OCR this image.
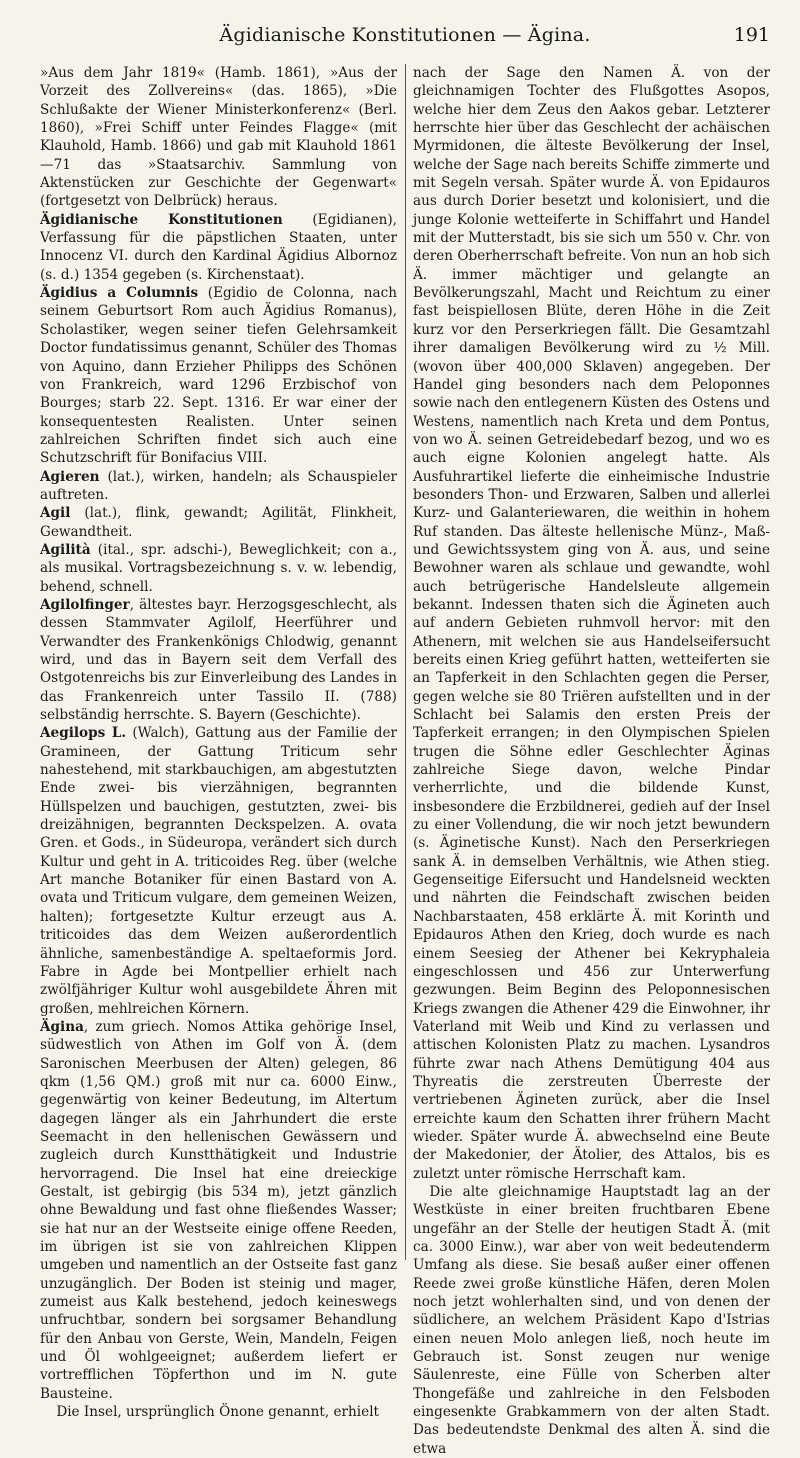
Ägidianische Konstitutionen — Ägina.	191

»Aus dem Jahr 1819« (Hamb. 1861), »Aus der Vorzeit des Zollvereins« (das. 1865), »Die Schlußakte der Wiener Ministerkonferenz« (Berl. 1860), »Frei Schiff unter Feindes Flagge« (mit Klauhold, Hamb. 1866) und gab mit Klauhold 1861—71 das »Staatsarchiv. Sammlung von Aktenstücken zur Geschichte der Gegenwart« (fortgesetzt von Delbrück) heraus.

Ägidianische Konstitutionen (Egidianen), Verfassung für die päpstlichen Staaten, unter Innocenz VI. durch den Kardinal Ägidius Albornoz (s. d.) 1354 gegeben (s. Kirchenstaat).

Ägidius a Columnis (Egidio de Colonna, nach seinem Geburtsort Rom auch Ägidius Romanus), Scholastiker, wegen seiner tiefen Gelehrsamkeit Doctor fundatissimus genannt, Schüler des Thomas von Aquino, dann Erzieher Philipps des Schönen von Frankreich, ward 1296 Erzbischof von Bourges; starb 22. Sept. 1316. Er war einer der konsequentesten Realisten. Unter seinen zahlreichen Schriften findet sich auch eine Schutzschrift für Bonifacius VIII.

Agieren (lat.), wirken, handeln; als Schauspieler auftreten.

Agil (lat.), flink, gewandt; Agilität, Flinkheit, Gewandtheit.

Agilità (ital., spr. adschi-), Beweglichkeit; con a., als musikal. Vortragsbezeichnung s. v. w. lebendig, behend, schnell.

Agilolfinger, ältestes bayr. Herzogsgeschlecht, als dessen Stammvater Agilolf, Heerführer und Verwandter des Frankenkönigs Chlodwig, genannt wird, und das in Bayern seit dem Verfall des Ostgotenreichs bis zur Einverleibung des Landes in das Frankenreich unter Tassilo II. (788) selbständig herrschte. S. Bayern (Geschichte).

Aegilops L. (Walch), Gattung aus der Familie der Gramineen, der Gattung Triticum sehr nahestehend, mit starkbauchigen, am abgestutzten Ende zwei- bis vierzähnigen, begrannten Hüllspelzen und bauchigen, gestutzten, zwei- bis dreizähnigen, begrannten Deckspelzen. A. ovata Gren. et Gods., in Südeuropa, verändert sich durch Kultur und geht in A. triticoides Reg. über (welche Art manche Botaniker für einen Bastard von A. ovata und Triticum vulgare, dem gemeinen Weizen, halten); fortgesetzte Kultur erzeugt aus A. triticoides das dem Weizen außerordentlich ähnliche, samenbeständige A. speltaeformis Jord. Fabre in Agde bei Montpellier erhielt nach zwölfjähriger Kultur wohl ausgebildete Ähren mit großen, mehlreichen Körnern.

Ägina, zum griech. Nomos Attika gehörige Insel, südwestlich von Athen im Golf von Ä. (dem Saronischen Meerbusen der Alten) gelegen, 86 qkm (1,56 QM.) groß mit nur ca. 6000 Einw., gegenwärtig von keiner Bedeutung, im Altertum dagegen länger als ein Jahrhundert die erste Seemacht in den hellenischen Gewässern und zugleich durch Kunstthätigkeit und Industrie hervorragend. Die Insel hat eine dreieckige Gestalt, ist gebirgig (bis 534 m), jetzt gänzlich ohne Bewaldung und fast ohne fließendes Wasser; sie hat nur an der Westseite einige offene Reeden, im übrigen ist sie von zahlreichen Klippen umgeben und namentlich an der Ostseite fast ganz unzugänglich. Der Boden ist steinig und mager, zumeist aus Kalk bestehend, jedoch keineswegs unfruchtbar, sondern bei sorgsamer Behandlung für den Anbau von Gerste, Wein, Mandeln, Feigen und Öl wohlgeeignet; außerdem liefert er vortrefflichen Töpferthon und im N. gute Bausteine.

Die Insel, ursprünglich Önone genannt, erhielt

nach der Sage den Namen Ä. von der gleichnamigen Tochter des Flußgottes Asopos, welche hier dem Zeus den Aakos gebar. Letzterer herrschte hier über das Geschlecht der achäischen Myrmidonen, die älteste Bevölkerung der Insel, welche der Sage nach bereits Schiffe zimmerte und mit Segeln versah. Später wurde Ä. von Epidauros aus durch Dorier besetzt und kolonisiert, und die junge Kolonie wetteiferte in Schiffahrt und Handel mit der Mutterstadt, bis sie sich um 550 v. Chr. von deren Oberherrschaft befreite. Von nun an hob sich Ä. immer mächtiger und gelangte an Bevölkerungszahl, Macht und Reichtum zu einer fast beispiellosen Blüte, deren Höhe in die Zeit kurz vor den Perserkriegen fällt. Die Gesamtzahl ihrer damaligen Bevölkerung wird zu ½ Mill. (wovon über 400,000 Sklaven) angegeben. Der Handel ging besonders nach dem Peloponnes sowie nach den entlegenern Küsten des Ostens und Westens, namentlich nach Kreta und dem Pontus, von wo Ä. seinen Getreidebedarf bezog, und wo es auch eigne Kolonien angelegt hatte. Als Ausfuhrartikel lieferte die einheimische Industrie besonders Thon- und Erzwaren, Salben und allerlei Kurz- und Galanteriewaren, die weithin in hohem Ruf standen. Das älteste hellenische Münz-, Maß- und Gewichtssystem ging von Ä. aus, und seine Bewohner waren als schlaue und gewandte, wohl auch betrügerische Handelsleute allgemein bekannt. Indessen thaten sich die Ägineten auch auf andern Gebieten ruhmvoll hervor: mit den Athenern, mit welchen sie aus Handelseifersucht bereits einen Krieg geführt hatten, wetteiferten sie an Tapferkeit in den Schlachten gegen die Perser, gegen welche sie 80 Triëren aufstellten und in der Schlacht bei Salamis den ersten Preis der Tapferkeit errangen; in den Olympischen Spielen trugen die Söhne edler Geschlechter Äginas zahlreiche Siege davon, welche Pindar verherrlichte, und die bildende Kunst, insbesondere die Erzbildnerei, gedieh auf der Insel zu einer Vollendung, die wir noch jetzt bewundern (s. Äginetische Kunst). Nach den Perserkriegen sank Ä. in demselben Verhältnis, wie Athen stieg. Gegenseitige Eifersucht und Handelsneid weckten und nährten die Feindschaft zwischen beiden Nachbarstaaten, 458 erklärte Ä. mit Korinth und Epidauros Athen den Krieg, doch wurde es nach einem Seesieg der Athener bei Kekryphaleia eingeschlossen und 456 zur Unterwerfung gezwungen. Beim Beginn des Peloponnesischen Kriegs zwangen die Athener 429 die Einwohner, ihr Vaterland mit Weib und Kind zu verlassen und attischen Kolonisten Platz zu machen. Lysandros führte zwar nach Athens Demütigung 404 aus Thyreatis die zerstreuten Überreste der vertriebenen Ägineten zurück, aber die Insel erreichte kaum den Schatten ihrer frühern Macht wieder. Später wurde Ä. abwechselnd eine Beute der Makedonier, der Ätolier, des Attalos, bis es zuletzt unter römische Herrschaft kam.

Die alte gleichnamige Hauptstadt lag an der Westküste in einer breiten fruchtbaren Ebene ungefähr an der Stelle der heutigen Stadt Ä. (mit ca. 3000 Einw.), war aber von weit bedeutenderm Umfang als diese. Sie besaß außer einer offenen Reede zwei große künstliche Häfen, deren Molen noch jetzt wohlerhalten sind, und von denen der südlichere, an welchem Präsident Kapo d'Istrias einen neuen Molo anlegen ließ, noch heute im Gebrauch ist. Sonst zeugen nur wenige Säulenreste, eine Fülle von Scherben alter Thongefäße und zahlreiche in den Felsboden eingesenkte Grabkammern von der alten Stadt. Das bedeutendste Denkmal des alten Ä. sind die etwa
